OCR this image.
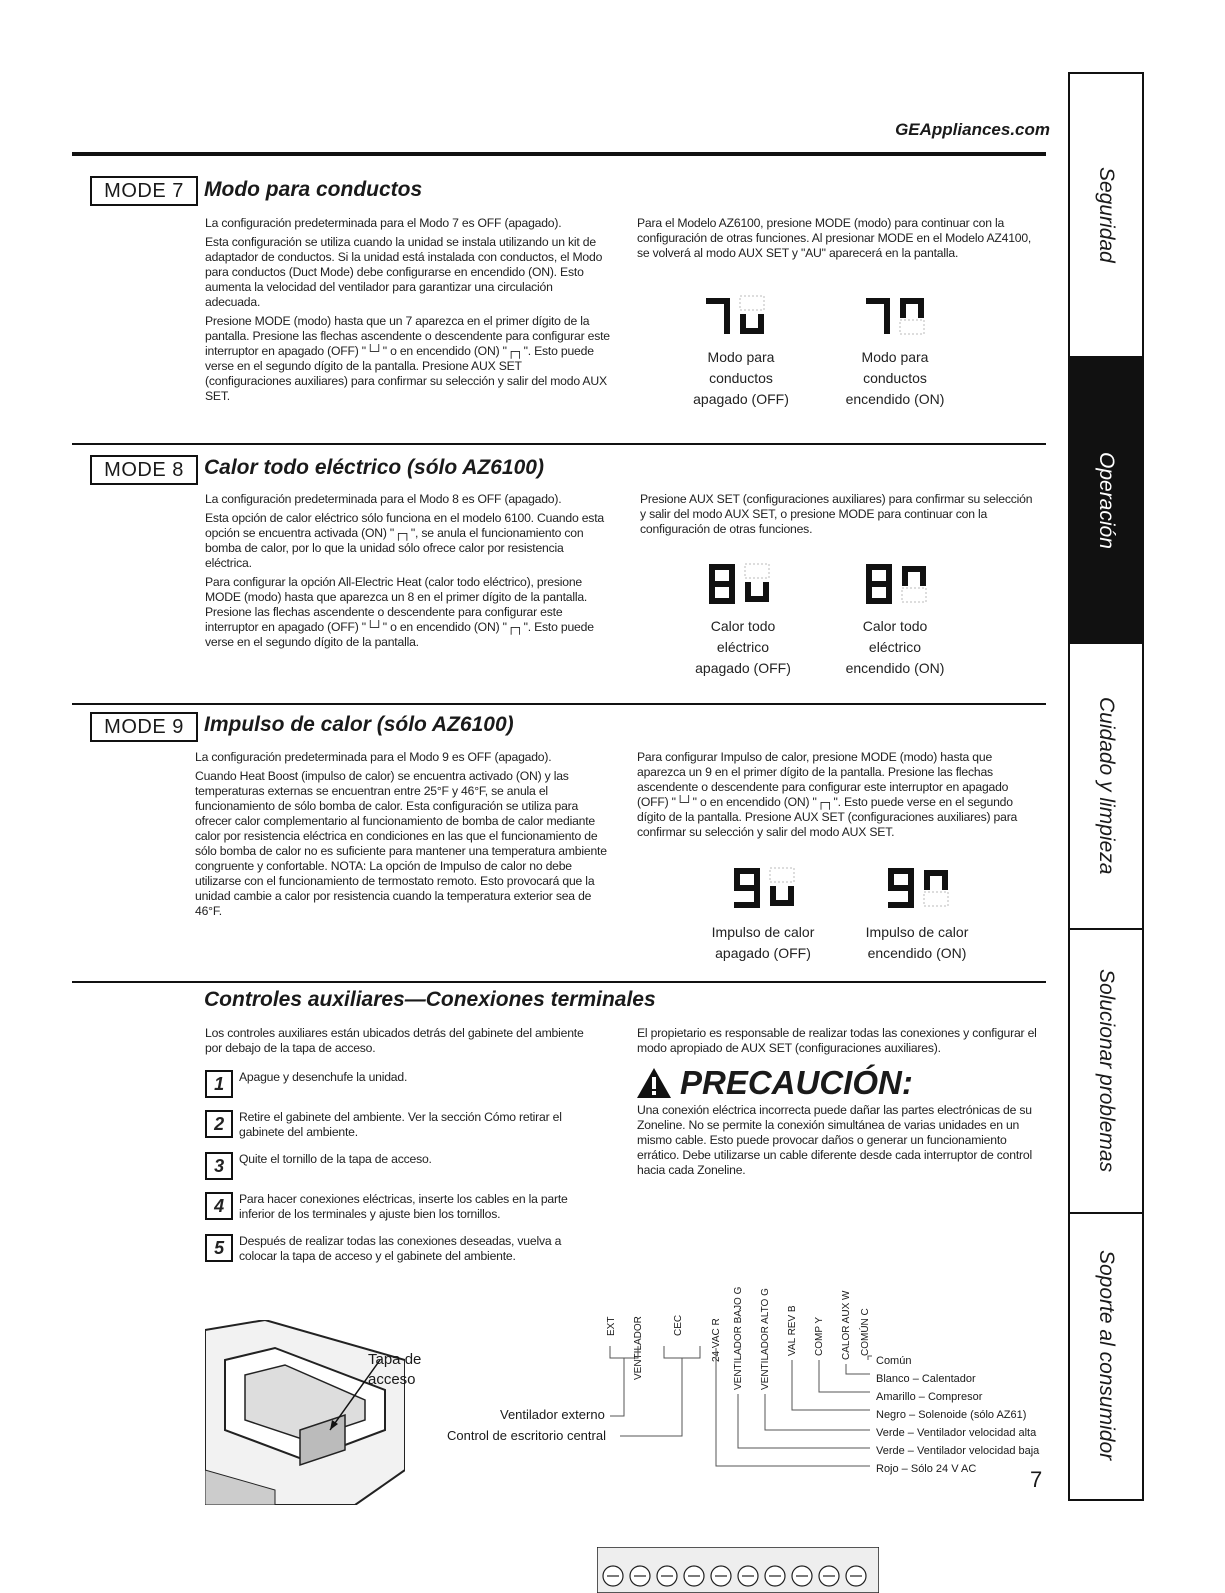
GEAppliances.com
MODE 7 Modo para conductos

La configuración predeterminada para el Modo 7 es OFF (apagado).

Esta configuración se utiliza cuando la unidad se instala utilizando un kit de adaptador de conductos. Si la unidad está instalada con conductos, el Modo para conductos (Duct Mode) debe configurarse en encendido (ON). Esto aumenta la velocidad del ventilador para garantizar una circulación adecuada.

Presione MODE (modo) hasta que un 7 aparezca en el primer dígito de la pantalla. Presione las flechas ascendente o descendente para configurar este interruptor en apagado (OFF) "└┘" o en encendido (ON) "┌┐". Esto puede verse en el segundo dígito de la pantalla. Presione AUX SET (configuraciones auxiliares) para confirmar su selección y salir del modo AUX SET.

Para el Modelo AZ6100, presione MODE (modo) para continuar con la configuración de otras funciones. Al presionar MODE en el Modelo AZ4100, se volverá al modo AUX SET y "AU" aparecerá en la pantalla.
Modo para
conductos
apagado (OFF)
Modo para
conductos
encendido (ON)
MODE 8 Calor todo eléctrico (sólo AZ6100)

La configuración predeterminada para el Modo 8 es OFF (apagado).

Esta opción de calor eléctrico sólo funciona en el modelo 6100. Cuando esta opción se encuentra activada (ON) "┌┐", se anula el funcionamiento con bomba de calor, por lo que la unidad sólo ofrece calor por resistencia eléctrica.

Para configurar la opción All-Electric Heat (calor todo eléctrico), presione MODE (modo) hasta que aparezca un 8 en el primer dígito de la pantalla. Presione las flechas ascendente o descendente para configurar este interruptor en apagado (OFF) "└┘" o en encendido (ON) "┌┐". Esto puede verse en el segundo dígito de la pantalla.

Presione AUX SET (configuraciones auxiliares) para confirmar su selección y salir del modo AUX SET, o presione MODE para continuar con la configuración de otras funciones.
Calor todo
eléctrico
apagado (OFF)
Calor todo
eléctrico
encendido (ON)
MODE 9 Impulso de calor (sólo AZ6100)

La configuración predeterminada para el Modo 9 es OFF (apagado).

Cuando Heat Boost (impulso de calor) se encuentra activado (ON) y las temperaturas externas se encuentran entre 25°F y 46°F, se anula el funcionamiento de sólo bomba de calor. Esta configuración se utiliza para ofrecer calor complementario al funcionamiento de bomba de calor mediante calor por resistencia eléctrica en condiciones en las que el funcionamiento de sólo bomba de calor no es suficiente para mantener una temperatura ambiente congruente y confortable. NOTA: La opción de Impulso de calor no debe utilizarse con el funcionamiento de termostato remoto. Esto provocará que la unidad cambie a calor por resistencia cuando la temperatura exterior sea de 46°F.

Para configurar Impulso de calor, presione MODE (modo) hasta que aparezca un 9 en el primer dígito de la pantalla. Presione las flechas ascendente o descendente para configurar este interruptor en apagado (OFF) "└┘" o en encendido (ON) "┌┐". Esto puede verse en el segundo dígito de la pantalla. Presione AUX SET (configuraciones auxiliares) para confirmar su selección y salir del modo AUX SET.
Impulso de calor
apagado (OFF)
Impulso de calor
encendido (ON)
Controles auxiliares—Conexiones terminales
Los controles auxiliares están ubicados detrás del gabinete del ambiente por debajo de la tapa de acceso.
1	Apague y desenchufe la unidad.
2	Retire el gabinete del ambiente. Ver la sección Cómo retirar el gabinete del ambiente.
3	Quite el tornillo de la tapa de acceso.
4	Para hacer conexiones eléctricas, inserte los cables en la parte inferior de los terminales y ajuste bien los tornillos.
5	Después de realizar todas las conexiones deseadas, vuelva a colocar la tapa de acceso y el gabinete del ambiente.
El propietario es responsable de realizar todas las conexiones y configurar el modo apropiado de AUX SET (configuraciones auxiliares).
PRECAUCIÓN:
Una conexión eléctrica incorrecta puede dañar las partes electrónicas de su Zoneline. No se permite la conexión simultánea de varias unidades en un mismo cable. Esto puede provocar daños o generar un funcionamiento errático. Debe utilizarse un cable diferente desde cada interruptor de control hacia cada Zoneline.
Tapa de
acceso
EXT VENTILADOR	CEC	24 VAC R VENTILADOR BAJO G VENTILADOR ALTO G VAL REV B COMP Y CALOR AUX W COMÚN C
Ventilador externo
Control de escritorio central
Común
Blanco – Calentador
Amarillo – Compresor
Negro – Solenoide (sólo AZ61)
Verde – Ventilador velocidad alta
Verde – Ventilador velocidad baja
Rojo – Sólo 24 V AC	7
Seguridad
Operación
Cuidado y limpieza
Solucionar problemas
Soporte al consumidor
